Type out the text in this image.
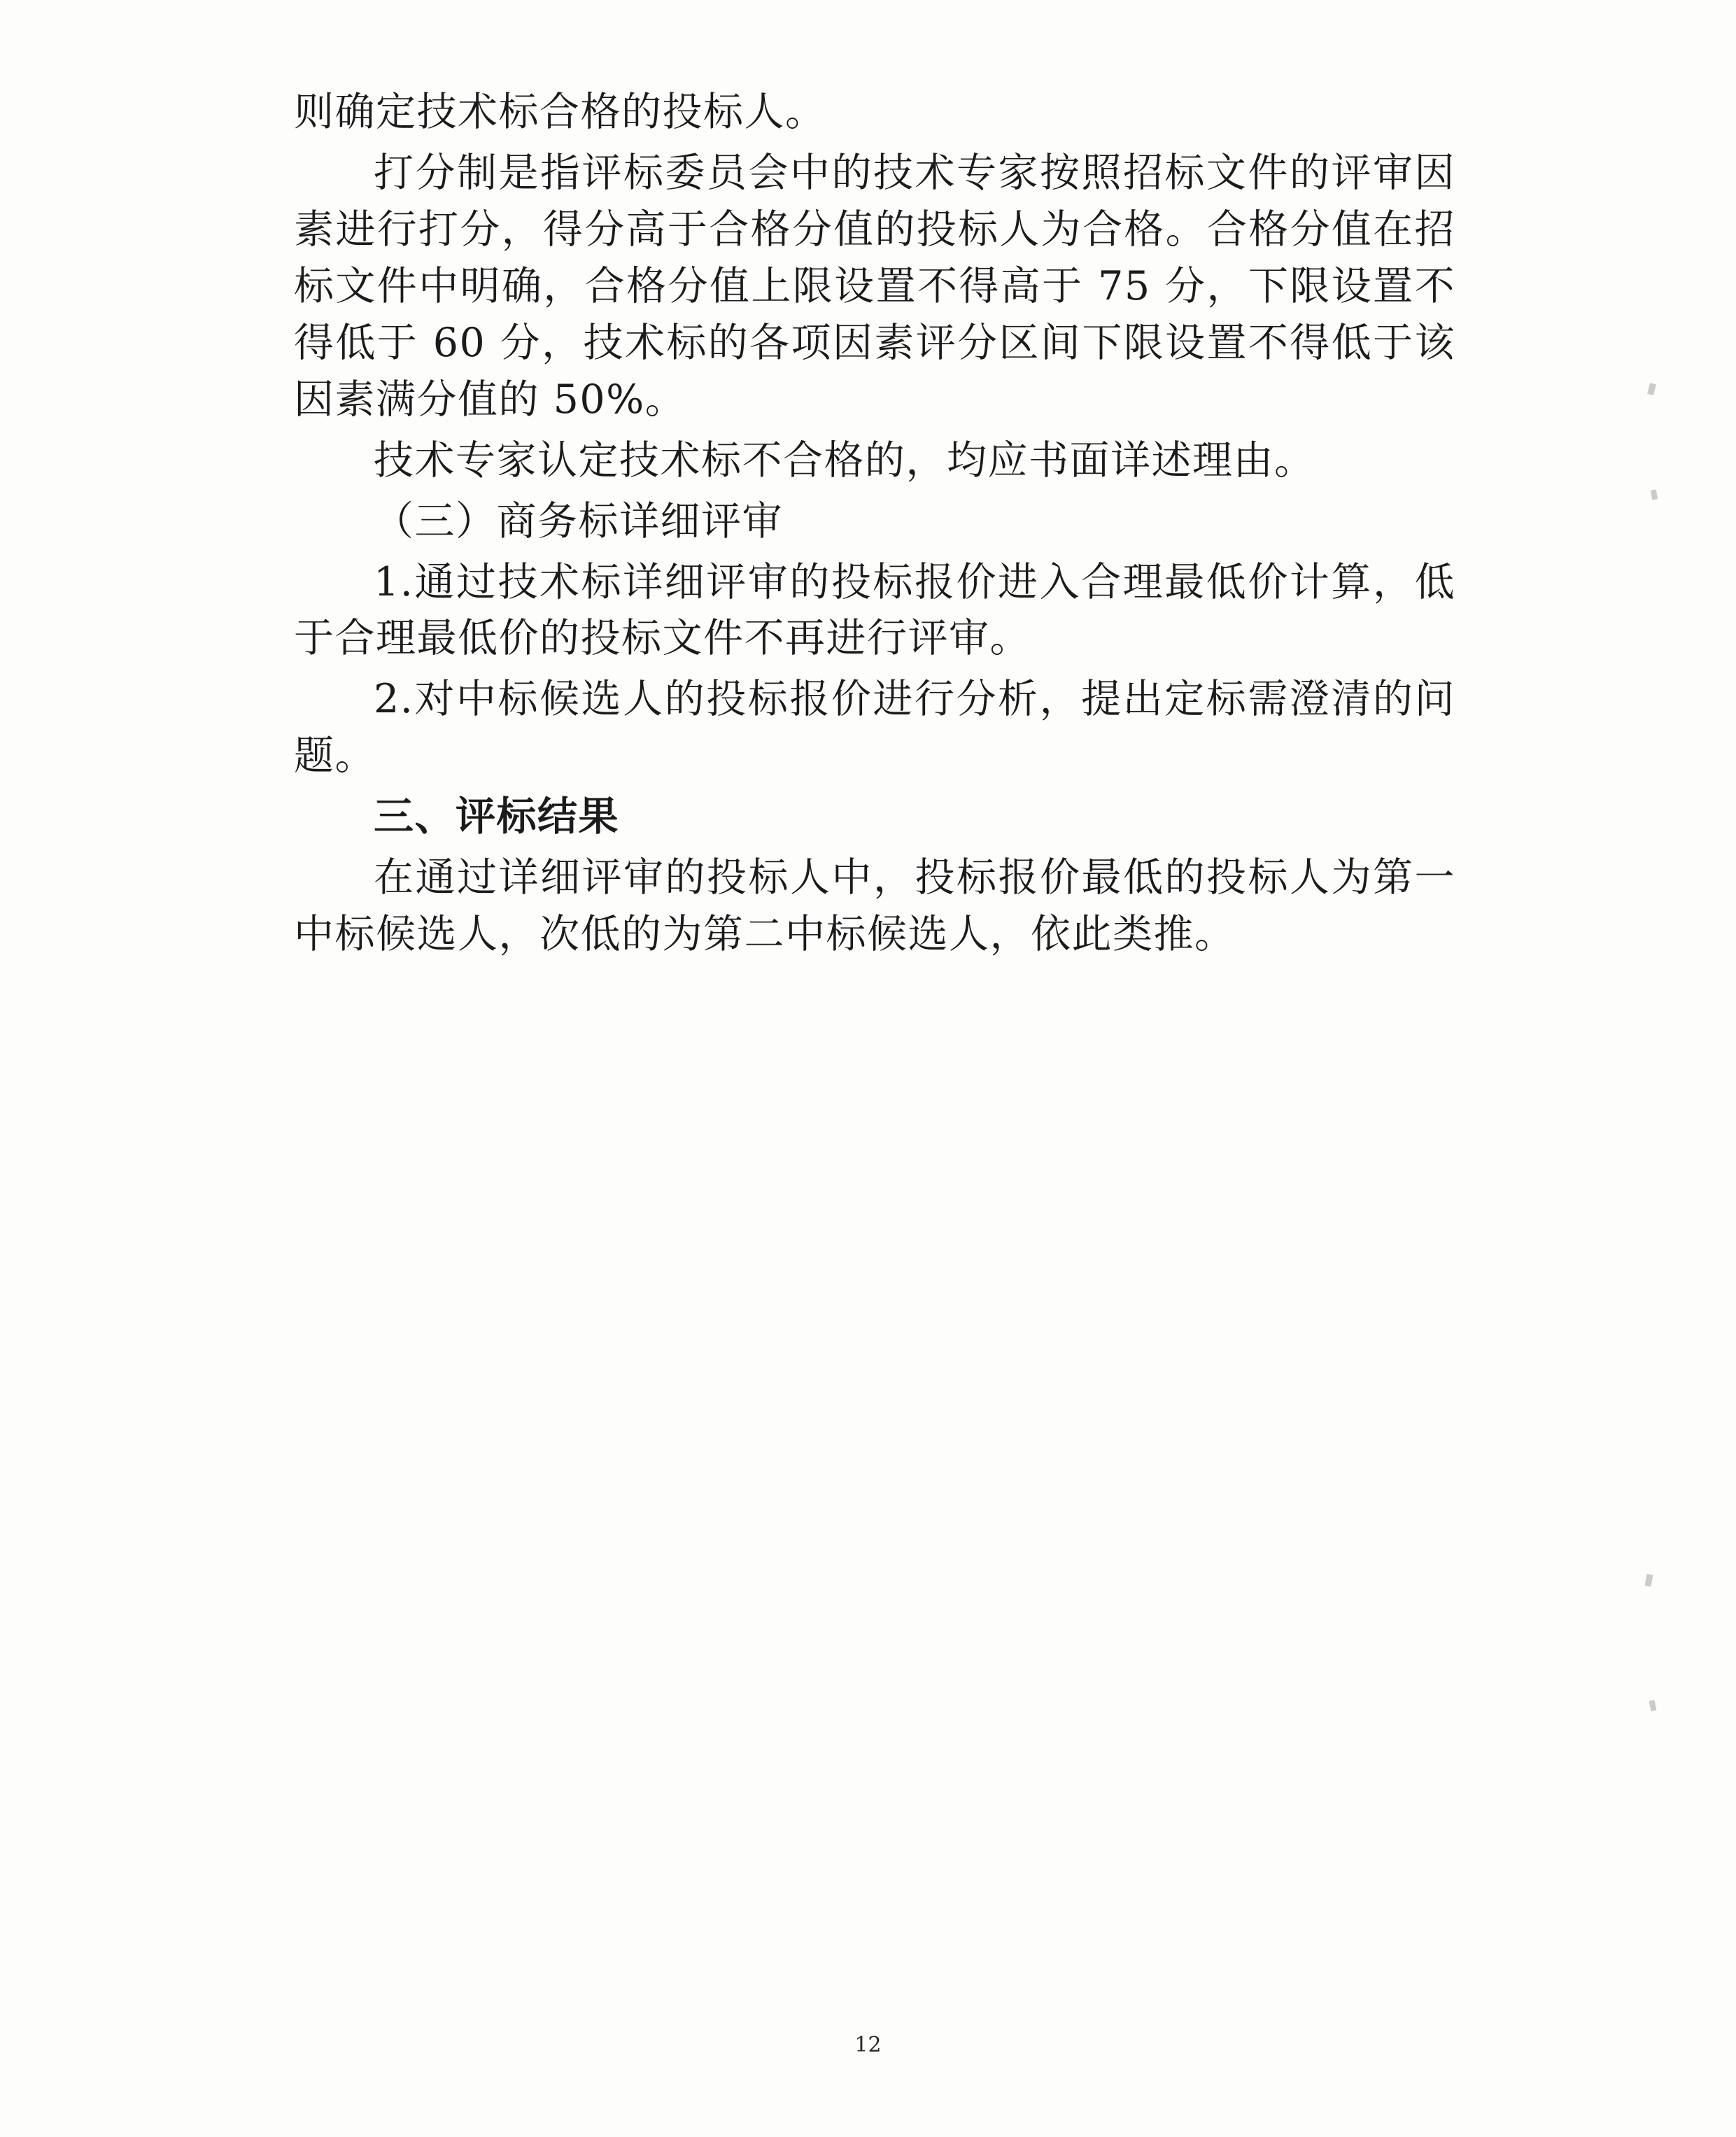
则确定技术标合格的投标人。

打分制是指评标委员会中的技术专家按照招标文件的评审因素进行打分，得分高于合格分值的投标人为合格。合格分值在招标文件中明确，合格分值上限设置不得高于 75 分，下限设置不得低于 60 分，技术标的各项因素评分区间下限设置不得低于该因素满分值的 50%。

技术专家认定技术标不合格的，均应书面详述理由。

（三）商务标详细评审

1.通过技术标详细评审的投标报价进入合理最低价计算，低于合理最低价的投标文件不再进行评审。

2.对中标候选人的投标报价进行分析，提出定标需澄清的问题。

三、评标结果

在通过详细评审的投标人中，投标报价最低的投标人为第一中标候选人，次低的为第二中标候选人，依此类推。

12
